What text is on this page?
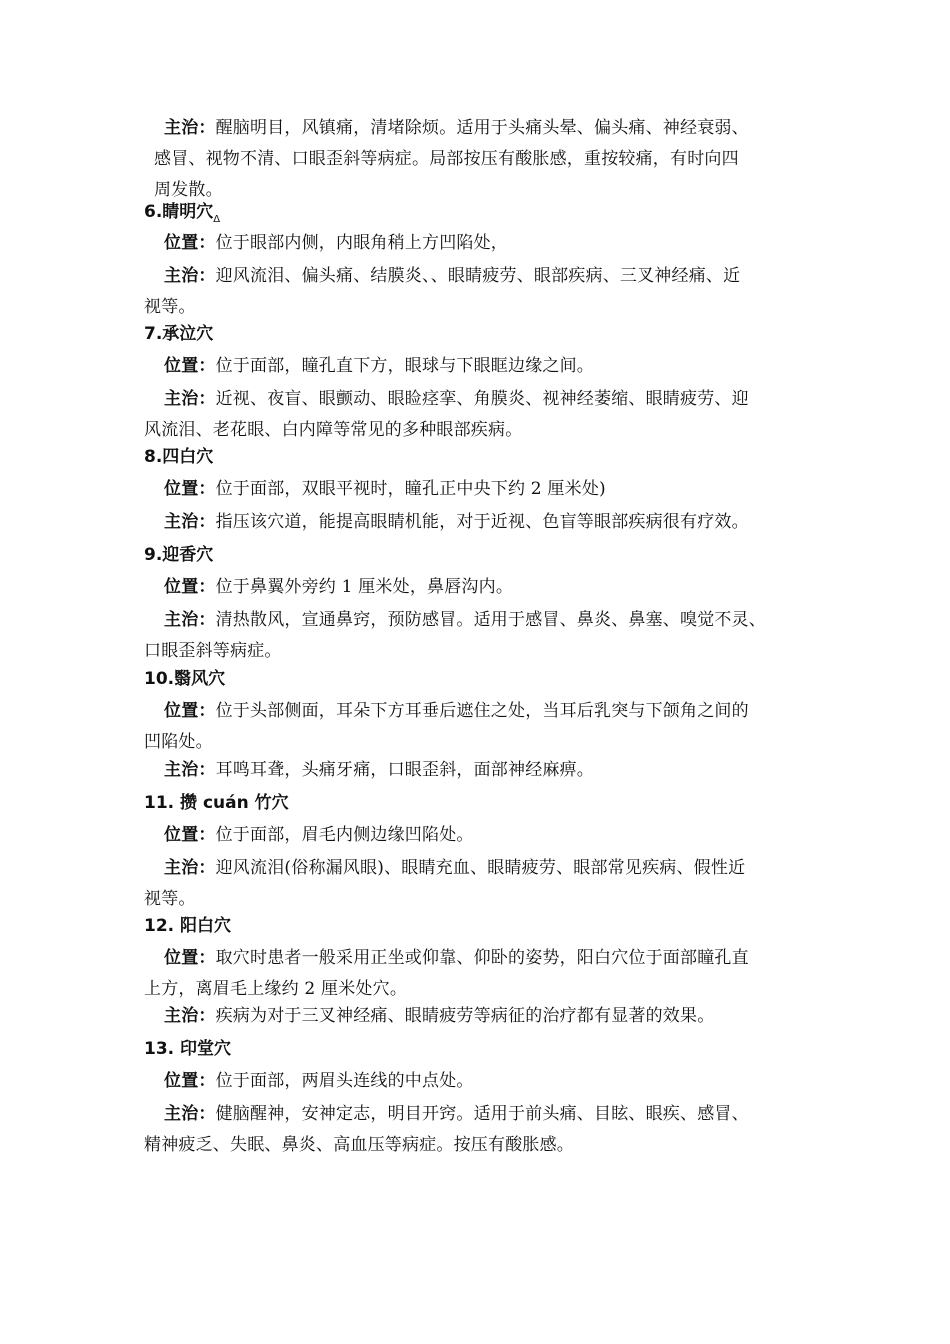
主治：醒脑明目，风镇痛，清堵除烦。适用于头痛头晕、偏头痛、神经衰弱、
感冒、视物不清、口眼歪斜等病症。局部按压有酸胀感，重按较痛，有时向四
周发散。
6.睛明穴$_\Delta$
位置：位于眼部内侧，内眼角稍上方凹陷处，
主治：迎风流泪、偏头痛、结膜炎、、眼睛疲劳、眼部疾病、三叉神经痛、近
视等。
7.承泣穴
位置：位于面部，瞳孔直下方，眼球与下眼眶边缘之间。
主治：近视、夜盲、眼颤动、眼睑痉挛、角膜炎、视神经萎缩、眼睛疲劳、迎
风流泪、老花眼、白内障等常见的多种眼部疾病。
8.四白穴
位置：位于面部，双眼平视时，瞳孔正中央下约 2 厘米处)
主治：指压该穴道，能提高眼睛机能，对于近视、色盲等眼部疾病很有疗效。
9.迎香穴
位置：位于鼻翼外旁约 1 厘米处，鼻唇沟内。
主治：清热散风，宣通鼻窍，预防感冒。适用于感冒、鼻炎、鼻塞、嗅觉不灵、
口眼歪斜等病症。
10.翳风穴
位置：位于头部侧面，耳朵下方耳垂后遮住之处，当耳后乳突与下颌角之间的
凹陷处。
主治：耳鸣耳聋，头痛牙痛，口眼歪斜，面部神经麻痹。
11. 攒 cuán 竹穴
位置：位于面部，眉毛内侧边缘凹陷处。
主治：迎风流泪(俗称漏风眼)、眼睛充血、眼睛疲劳、眼部常见疾病、假性近
视等。
12. 阳白穴
位置：取穴时患者一般采用正坐或仰靠、仰卧的姿势，阳白穴位于面部瞳孔直
上方，离眉毛上缘约 2 厘米处穴。
主治：疾病为对于三叉神经痛、眼睛疲劳等病征的治疗都有显著的效果。
13. 印堂穴
位置：位于面部，两眉头连线的中点处。
主治：健脑醒神，安神定志，明目开窍。适用于前头痛、目眩、眼疾、感冒、
精神疲乏、失眠、鼻炎、高血压等病症。按压有酸胀感。
